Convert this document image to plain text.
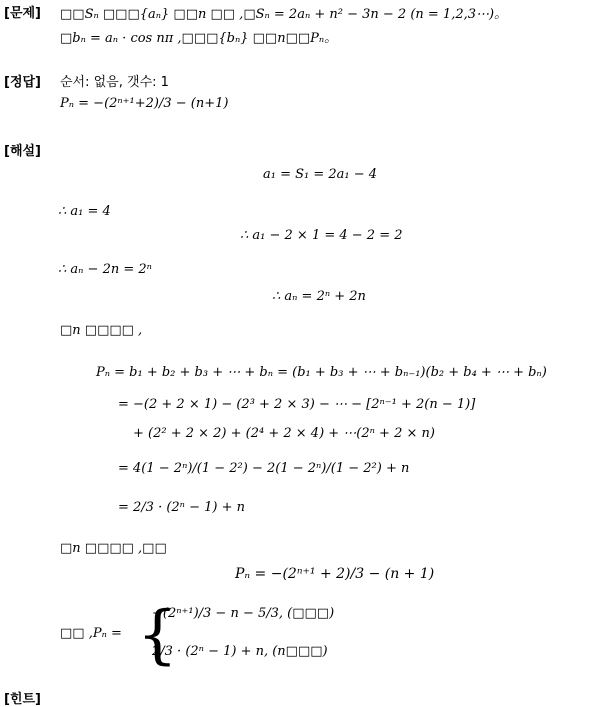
[문제] □□Sₙ □□□{aₙ} □□n □□ ,□Sₙ = 2aₙ + n² − 3n − 2 (n = 1,2,3⋯)。
□bₙ = aₙ · cos nπ ,□□□{bₙ} □□n□□Pₙ。
[정답] 순서: 없음, 갯수: 1
Pₙ = −(2ⁿ⁺¹+2)/3 − (n+1)
[해설]
a₁ = S₁ = 2a₁ − 4
∴ a₁ = 4
∴ a₁ − 2 × 1 = 4 − 2 = 2
∴ aₙ − 2n = 2ⁿ
∴ aₙ = 2ⁿ + 2n
□n □□□□ ,
Pₙ = b₁ + b₂ + b₃ + ⋯ + bₙ = (b₁ + b₃ + ⋯ + bₙ₋₁)(b₂ + b₄ + ⋯ + bₙ)
= −(2 + 2 × 1) − (2³ + 2 × 3) − ⋯ − [2ⁿ⁻¹ + 2(n − 1)]
+ (2² + 2 × 2) + (2⁴ + 2 × 4) + ⋯(2ⁿ + 2 × n)
= 4(1 − 2ⁿ)/(1 − 2²) − 2(1 − 2ⁿ)/(1 − 2²) + n
= 2/3 · (2ⁿ − 1) + n
□n □□□□ ,□□
Pₙ = −(2ⁿ⁺¹ + 2)/3 − (n + 1)
□□ ,Pₙ = {
−(2ⁿ⁺¹)/3 − n − 5/3, (□□□)
2/3 · (2ⁿ − 1) + n, (n□□□)
[힌트]
